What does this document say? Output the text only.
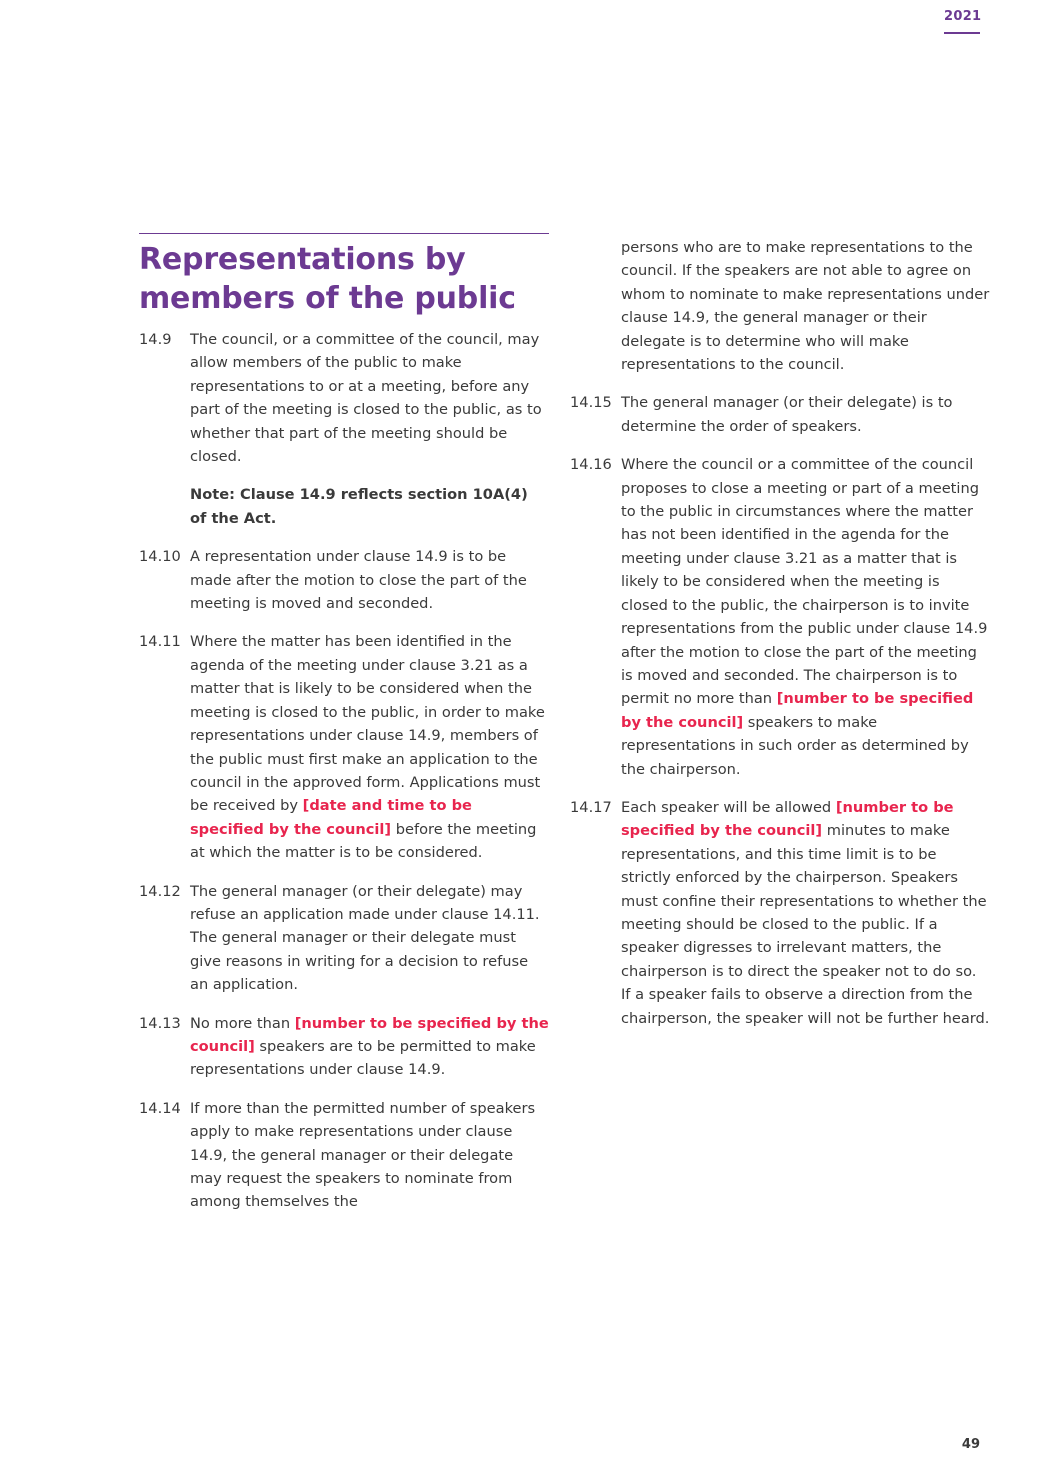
2021
Representations by members of the public
14.9	The council, or a committee of the council, may allow members of the public to make representations to or at a meeting, before any part of the meeting is closed to the public, as to whether that part of the meeting should be closed.
Note: Clause 14.9 reflects section 10A(4) of the Act.
14.10 A representation under clause 14.9 is to be made after the motion to close the part of the meeting is moved and seconded.
14.11 Where the matter has been identified in the agenda of the meeting under clause 3.21 as a matter that is likely to be considered when the meeting is closed to the public, in order to make representations under clause 14.9, members of the public must first make an application to the council in the approved form. Applications must be received by [date and time to be specified by the council] before the meeting at which the matter is to be considered.
14.12 The general manager (or their delegate) may refuse an application made under clause 14.11. The general manager or their delegate must give reasons in writing for a decision to refuse an application.
14.13 No more than [number to be specified by the council] speakers are to be permitted to make representations under clause 14.9.
14.14 If more than the permitted number of speakers apply to make representations under clause 14.9, the general manager or their delegate may request the speakers to nominate from among themselves the
persons who are to make representations to the council. If the speakers are not able to agree on whom to nominate to make representations under clause 14.9, the general manager or their delegate is to determine who will make representations to the council.
14.15 The general manager (or their delegate) is to determine the order of speakers.
14.16 Where the council or a committee of the council proposes to close a meeting or part of a meeting to the public in circumstances where the matter has not been identified in the agenda for the meeting under clause 3.21 as a matter that is likely to be considered when the meeting is closed to the public, the chairperson is to invite representations from the public under clause 14.9 after the motion to close the part of the meeting is moved and seconded. The chairperson is to permit no more than [number to be specified by the council] speakers to make representations in such order as determined by the chairperson.
14.17 Each speaker will be allowed [number to be specified by the council] minutes to make representations, and this time limit is to be strictly enforced by the chairperson. Speakers must confine their representations to whether the meeting should be closed to the public. If a speaker digresses to irrelevant matters, the chairperson is to direct the speaker not to do so. If a speaker fails to observe a direction from the chairperson, the speaker will not be further heard.
49
